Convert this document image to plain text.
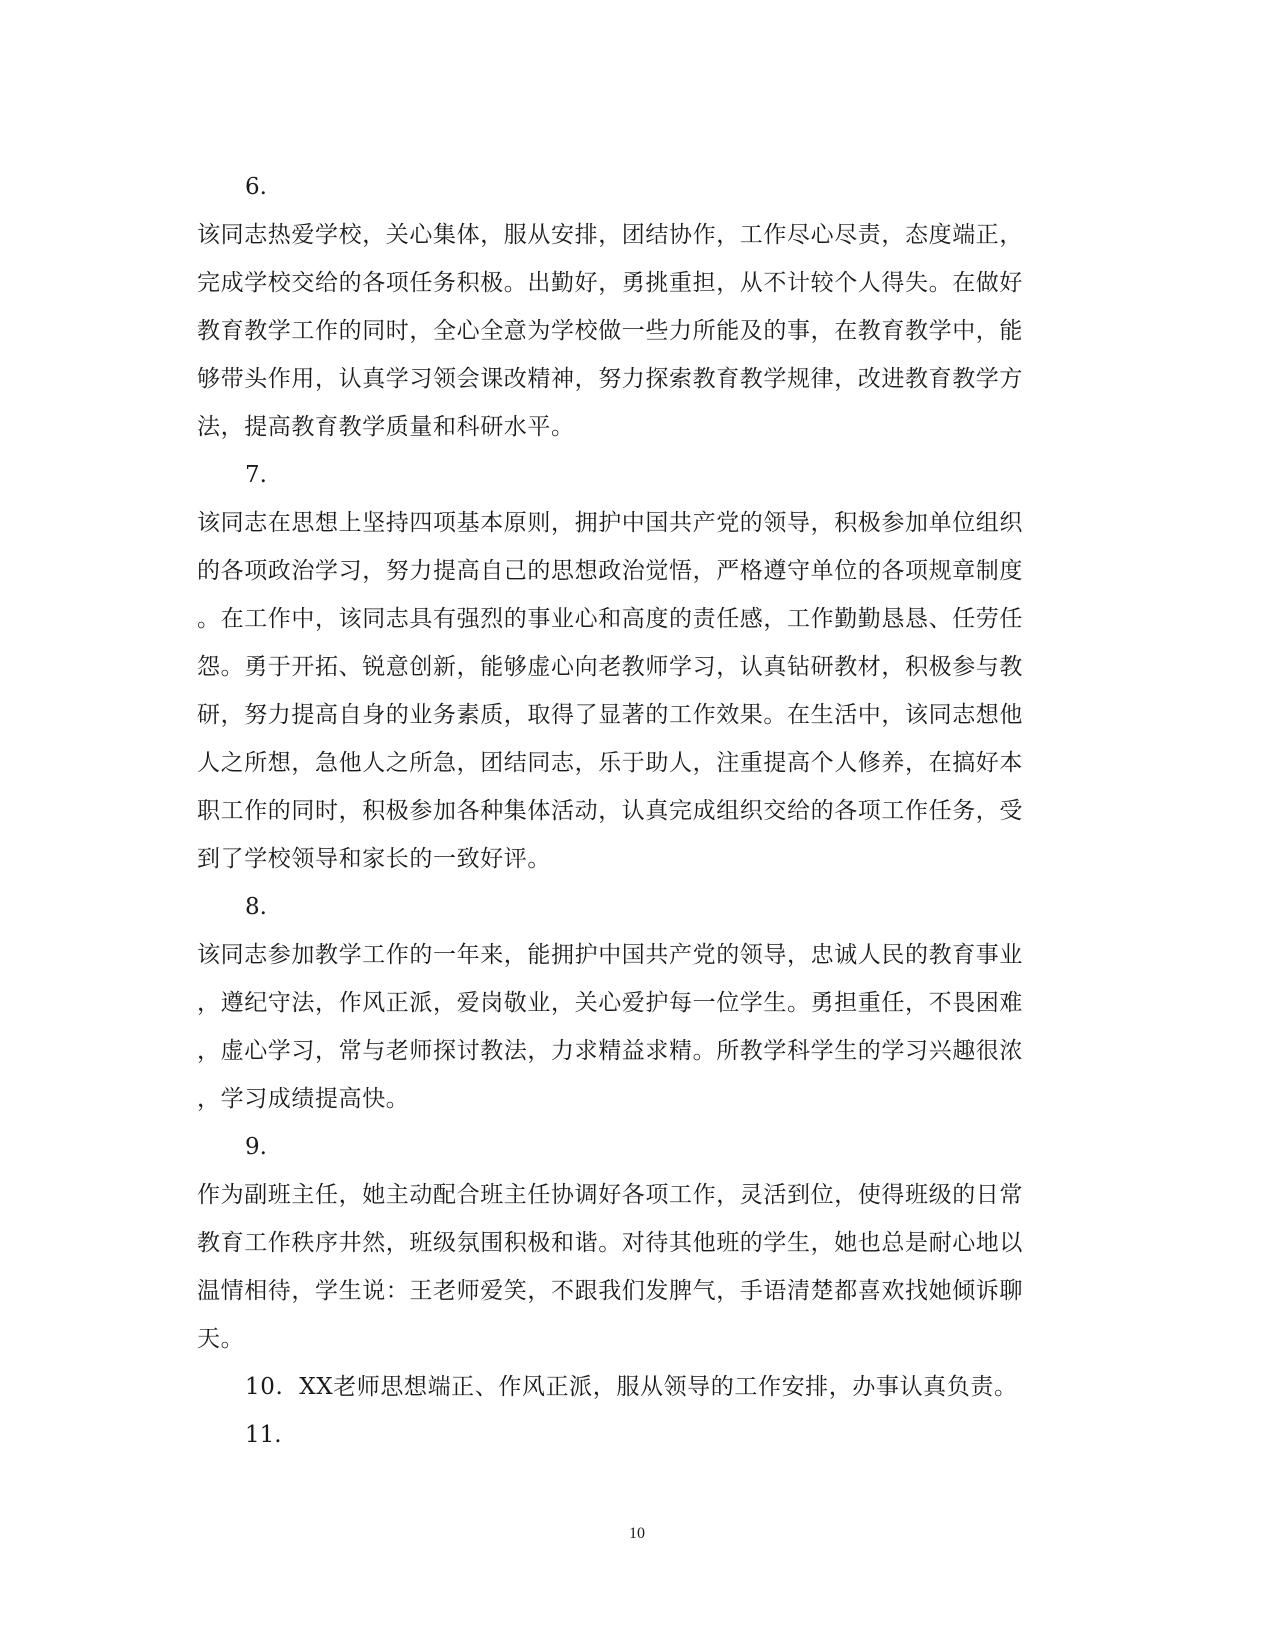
6.
该同志热爱学校，关心集体，服从安排，团结协作，工作尽心尽责，态度端正，
完成学校交给的各项任务积极。出勤好，勇挑重担，从不计较个人得失。在做好
教育教学工作的同时，全心全意为学校做一些力所能及的事，在教育教学中，能
够带头作用，认真学习领会课改精神，努力探索教育教学规律，改进教育教学方
法，提高教育教学质量和科研水平。
7.
该同志在思想上坚持四项基本原则，拥护中国共产党的领导，积极参加单位组织
的各项政治学习，努力提高自己的思想政治觉悟，严格遵守单位的各项规章制度
。在工作中，该同志具有强烈的事业心和高度的责任感，工作勤勤恳恳、任劳任
怨。勇于开拓、锐意创新，能够虚心向老教师学习，认真钻研教材，积极参与教
研，努力提高自身的业务素质，取得了显著的工作效果。在生活中，该同志想他
人之所想，急他人之所急，团结同志，乐于助人，注重提高个人修养，在搞好本
职工作的同时，积极参加各种集体活动，认真完成组织交给的各项工作任务，受
到了学校领导和家长的一致好评。
8.
该同志参加教学工作的一年来，能拥护中国共产党的领导，忠诚人民的教育事业
，遵纪守法，作风正派，爱岗敬业，关心爱护每一位学生。勇担重任，不畏困难
，虚心学习，常与老师探讨教法，力求精益求精。所教学科学生的学习兴趣很浓
，学习成绩提高快。
9.
作为副班主任，她主动配合班主任协调好各项工作，灵活到位，使得班级的日常
教育工作秩序井然，班级氛围积极和谐。对待其他班的学生，她也总是耐心地以
温情相待，学生说：王老师爱笑，不跟我们发脾气，手语清楚都喜欢找她倾诉聊
天。
10. XX老师思想端正、作风正派，服从领导的工作安排，办事认真负责。
11.
10
